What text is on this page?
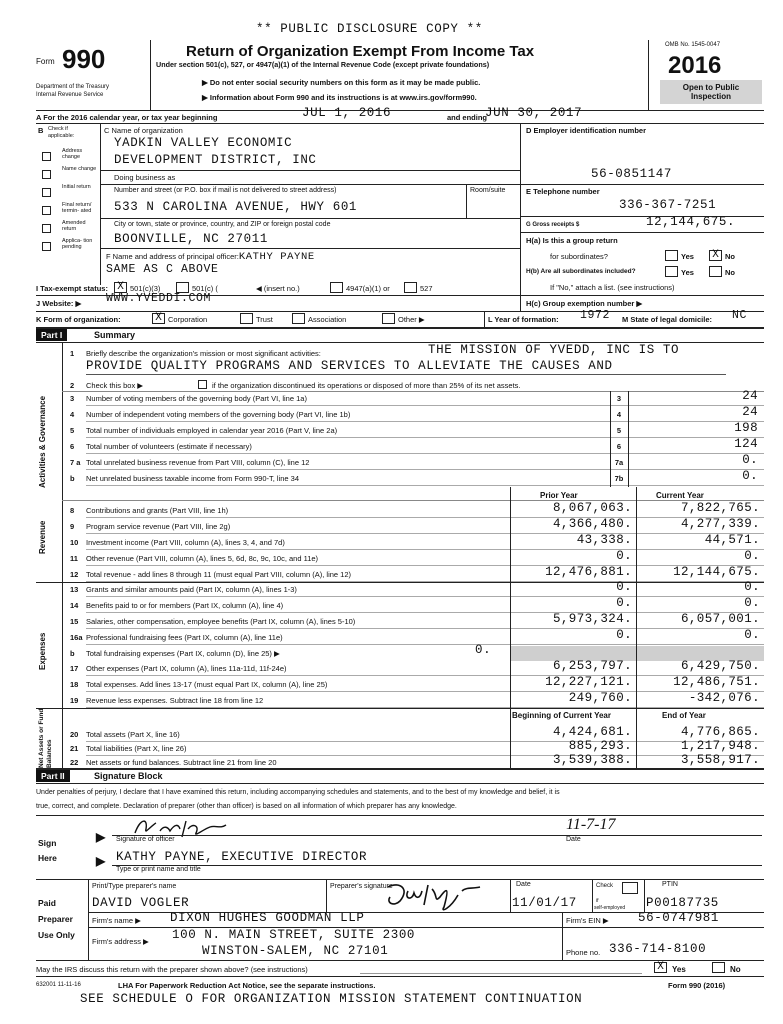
** PUBLIC DISCLOSURE COPY **
Form 990
Department of the Treasury
Internal Revenue Service
Return of Organization Exempt From Income Tax
Under section 501(c), 527, or 4947(a)(1) of the Internal Revenue Code (except private foundations)
▶ Do not enter social security numbers on this form as it may be made public.
▶ Information about Form 990 and its instructions is at www.irs.gov/form990.
OMB No. 1545-0047
2016
Open to Public
Inspection
A For the 2016 calendar year, or tax year beginning	JUL 1, 2016	and ending
JUN 30, 2017
B Check if applicable:
Address change
Name change
Initial return
Final return/ termin- ated
Amended return
Applica- tion pending
C Name of organization
YADKIN VALLEY ECONOMIC
DEVELOPMENT DISTRICT, INC
Doing business as
Number and street (or P.O. box if mail is not delivered to street address)	Room/suite
533 N CAROLINA AVENUE, HWY 601
City or town, state or province, country, and ZIP or foreign postal code
BOONVILLE, NC 27011
F Name and address of principal officer:KATHY PAYNE
SAME AS C ABOVE
D Employer identification number
56-0851147
E Telephone number
336-367-7251
G Gross receipts $	12,144,675.
H(a) Is this a group return
for subordinates?	Yes X No
H(b) Are all subordinates included?	Yes	No
If "No," attach a list. (see instructions)
I Tax-exempt status: X 501(c)(3)	501(c) (	◀ (insert no.)	4947(a)(1) or	527
H(c) Group exemption number ▶
J Website: ▶ WWW.YVEDDI.COM
K Form of organization:	X Corporation	Trust	Association	Other ▶	L Year of formation: 1972 M State of legal domicile: NC
Part I	Summary
Activities & Governance
Revenue
Expenses
Net Assets or Fund Balances
1 Briefly describe the organization's mission or most significant activities:	THE MISSION OF YVEDD, INC IS TO
PROVIDE QUALITY PROGRAMS AND SERVICES TO ALLEVIATE THE CAUSES AND
2 Check this box ▶	if the organization discontinued its operations or disposed of more than 25% of its net assets.
3 Number of voting members of the governing body (Part VI, line 1a)	3	24
4 Number of independent voting members of the governing body (Part VI, line 1b)	4	24
5 Total number of individuals employed in calendar year 2016 (Part V, line 2a)	5	198
6 Total number of volunteers (estimate if necessary)	6	124
7 a Total unrelated business revenue from Part VIII, column (C), line 12	7a	0.
b Net unrelated business taxable income from Form 990-T, line 34	7b	0.
Prior Year	Current Year
8 Contributions and grants (Part VIII, line 1h)	8,067,063.	7,822,765.
9 Program service revenue (Part VIII, line 2g)	4,366,480.	4,277,339.
10 Investment income (Part VIII, column (A), lines 3, 4, and 7d)	43,338.	44,571.
11 Other revenue (Part VIII, column (A), lines 5, 6d, 8c, 9c, 10c, and 11e)	0.	0.
12 Total revenue - add lines 8 through 11 (must equal Part VIII, column (A), line 12)	12,476,881.	12,144,675.
13 Grants and similar amounts paid (Part IX, column (A), lines 1-3)	0.	0.
14 Benefits paid to or for members (Part IX, column (A), line 4)	0.	0.
15 Salaries, other compensation, employee benefits (Part IX, column (A), lines 5-10)	5,973,324.	6,057,001.
16a Professional fundraising fees (Part IX, column (A), line 11e)	0.	0.
b Total fundraising expenses (Part IX, column (D), line 25) ▶	0.
17 Other expenses (Part IX, column (A), lines 11a-11d, 11f-24e)	6,253,797.	6,429,750.
18 Total expenses. Add lines 13-17 (must equal Part IX, column (A), line 25)	12,227,121.	12,486,751.
19 Revenue less expenses. Subtract line 18 from line 12	249,760.	-342,076.
Beginning of Current Year	End of Year
20 Total assets (Part X, line 16)	4,424,681.	4,776,865.
21 Total liabilities (Part X, line 26)	885,293.	1,217,948.
22 Net assets or fund balances. Subtract line 21 from line 20	3,539,388.	3,558,917.
Part II	Signature Block
Under penalties of perjury, I declare that I have examined this return, including accompanying schedules and statements, and to the best of my knowledge and belief, it is
true, correct, and complete. Declaration of preparer (other than officer) is based on all information of which preparer has any knowledge.
Sign
Here
▶
▶
11-7-17
Signature of officer	Date
KATHY PAYNE, EXECUTIVE DIRECTOR
Type or print name and title
Paid
Preparer
Use Only
Print/Type preparer's name	Preparer's signature	Date	Check
if
self-employed
PTIN
DAVID VOGLER	11/01/17	P00187735
Firm's name ▶ DIXON HUGHES GOODMAN LLP	Firm's EIN ▶ 56-0747981
Firm's address ▶ 100 N. MAIN STREET, SUITE 2300
WINSTON-SALEM, NC 27101	Phone no. 336-714-8100
May the IRS discuss this return with the preparer shown above? (see instructions)	X	Yes	No
632001 11-11-16	LHA For Paperwork Reduction Act Notice, see the separate instructions.	Form 990 (2016)
SEE SCHEDULE O FOR ORGANIZATION MISSION STATEMENT CONTINUATION
